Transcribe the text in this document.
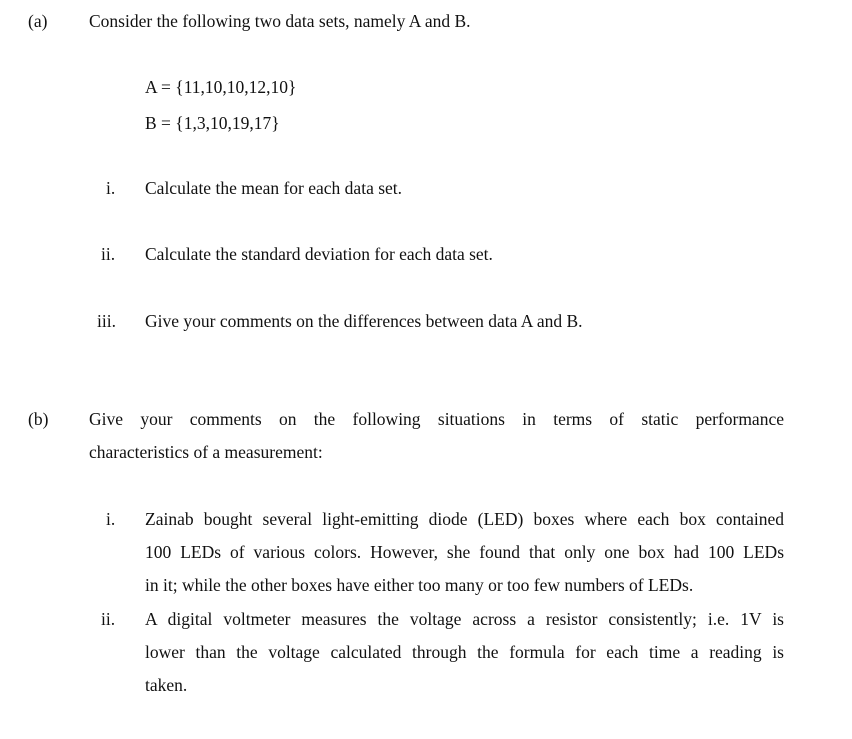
(a) Consider the following two data sets, namely A and B.
A = {11,10,10,12,10}
B = {1,3,10,19,17}
i. Calculate the mean for each data set.
ii. Calculate the standard deviation for each data set.
iii. Give your comments on the differences between data A and B.
(b) Give your comments on the following situations in terms of static performance
characteristics of a measurement:
i. Zainab bought several light-emitting diode (LED) boxes where each box contained
100 LEDs of various colors. However, she found that only one box had 100 LEDs
in it; while the other boxes have either too many or too few numbers of LEDs.
ii. A digital voltmeter measures the voltage across a resistor consistently; i.e. 1V is
lower than the voltage calculated through the formula for each time a reading is
taken.
